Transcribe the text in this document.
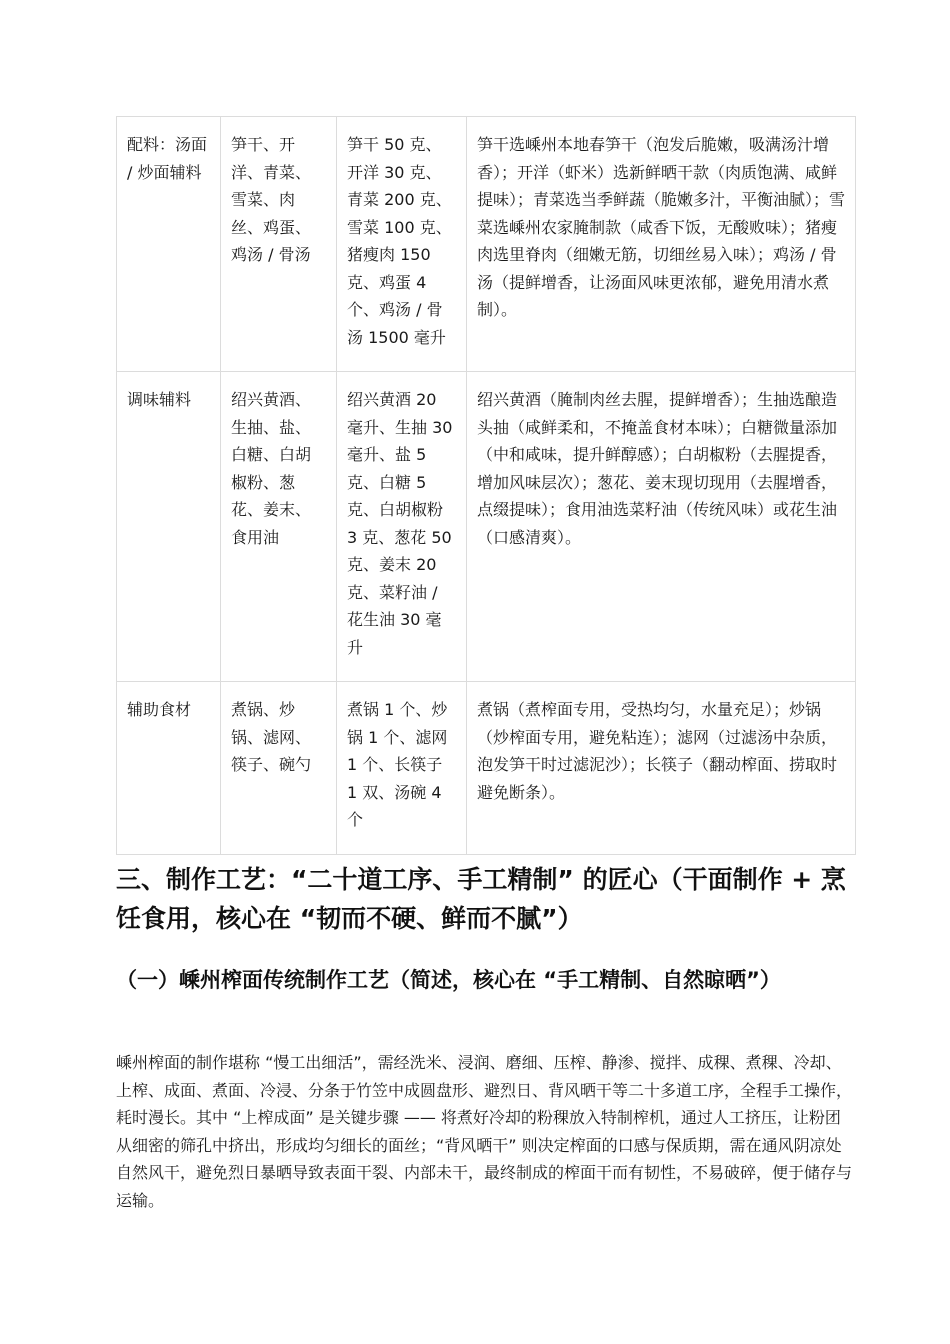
配料：汤面 / 炒面辅料	笋干、开洋、青菜、雪菜、肉丝、鸡蛋、鸡汤 / 骨汤	笋干 50 克、开洋 30 克、青菜 200 克、雪菜 100 克、猪瘦肉 150 克、鸡蛋 4 个、鸡汤 / 骨汤 1500 毫升	笋干选嵊州本地春笋干（泡发后脆嫩，吸满汤汁增香）；开洋（虾米）选新鲜晒干款（肉质饱满、咸鲜提味）；青菜选当季鲜蔬（脆嫩多汁，平衡油腻）；雪菜选嵊州农家腌制款（咸香下饭，无酸败味）；猪瘦肉选里脊肉（细嫩无筋，切细丝易入味）；鸡汤 / 骨汤（提鲜增香，让汤面风味更浓郁，避免用清水煮制）。
调味辅料	绍兴黄酒、生抽、盐、白糖、白胡椒粉、葱花、姜末、食用油	绍兴黄酒 20 毫升、生抽 30 毫升、盐 5 克、白糖 5 克、白胡椒粉 3 克、葱花 50 克、姜末 20 克、菜籽油 / 花生油 30 毫升	绍兴黄酒（腌制肉丝去腥，提鲜增香）；生抽选酿造头抽（咸鲜柔和，不掩盖食材本味）；白糖微量添加（中和咸味，提升鲜醇感）；白胡椒粉（去腥提香，增加风味层次）；葱花、姜末现切现用（去腥增香，点缀提味）；食用油选菜籽油（传统风味）或花生油（口感清爽）。
辅助食材	煮锅、炒锅、滤网、筷子、碗勺	煮锅 1 个、炒锅 1 个、滤网 1 个、长筷子 1 双、汤碗 4 个	煮锅（煮榨面专用，受热均匀，水量充足）；炒锅（炒榨面专用，避免粘连）；滤网（过滤汤中杂质，泡发笋干时过滤泥沙）；长筷子（翻动榨面、捞取时避免断条）。
三、制作工艺：“二十道工序、手工精制” 的匠心（干面制作 + 烹饪食用，核心在 “韧而不硬、鲜而不腻”）
（一）嵊州榨面传统制作工艺（简述，核心在 “手工精制、自然晾晒”）

嵊州榨面的制作堪称 “慢工出细活”，需经洗米、浸润、磨细、压榨、静渗、搅拌、成稞、煮稞、冷却、上榨、成面、煮面、冷浸、分条于竹笠中成圆盘形、避烈日、背风晒干等二十多道工序，全程手工操作，耗时漫长。其中 “上榨成面” 是关键步骤 —— 将煮好冷却的粉稞放入特制榨机，通过人工挤压，让粉团从细密的筛孔中挤出，形成均匀细长的面丝；“背风晒干” 则决定榨面的口感与保质期，需在通风阴凉处自然风干，避免烈日暴晒导致表面干裂、内部未干，最终制成的榨面干而有韧性，不易破碎，便于储存与运输。
